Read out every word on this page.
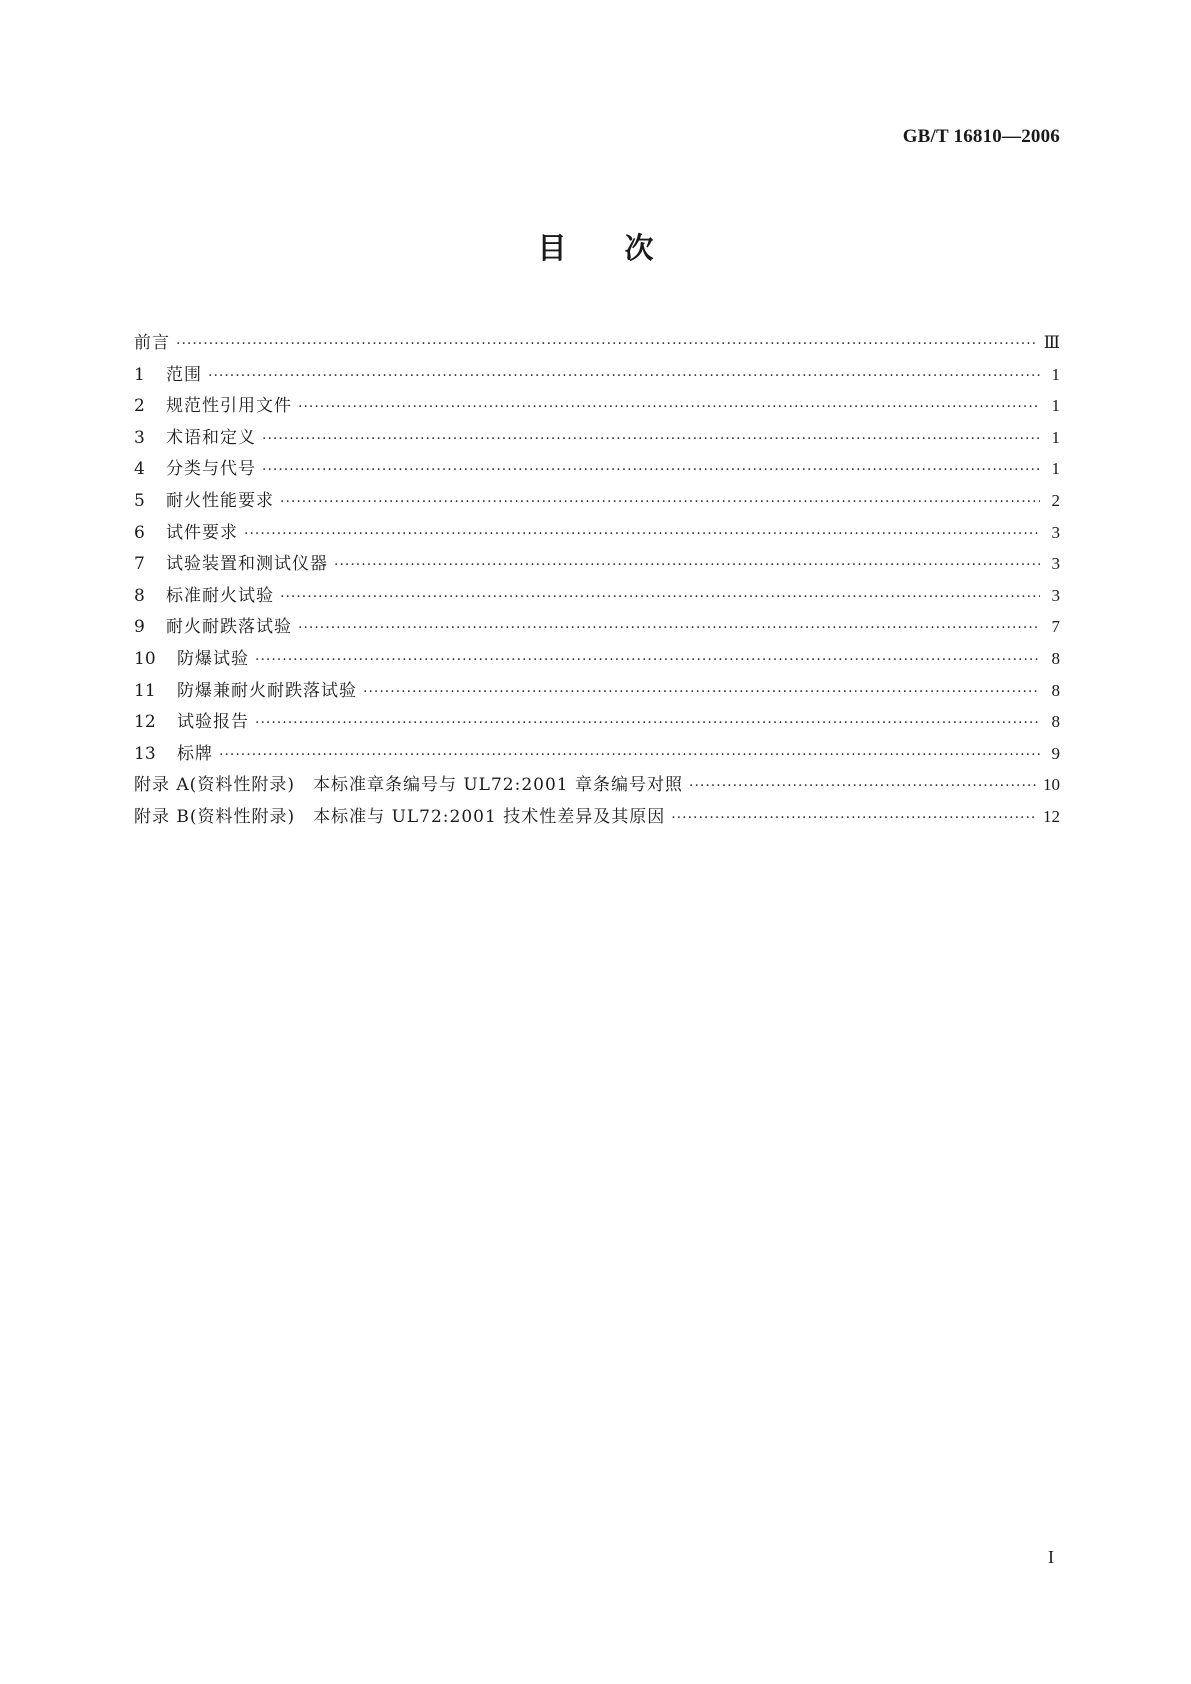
GB/T 16810—2006
目次
前言 ·····	Ⅲ
1	范围 ·····	1
2	规范性引用文件 ·····	1
3	术语和定义 ·····	1
4	分类与代号 ·····	1
5	耐火性能要求 ·····	2
6	试件要求 ·····	3
7	试验装置和测试仪器 ·····	3
8	标准耐火试验 ·····	3
9	耐火耐跌落试验 ·····	7
10	防爆试验 ·····	8
11	防爆兼耐火耐跌落试验 ·····	8
12	试验报告 ·····	8
13	标牌 ·····	9
附录 A(资料性附录)　本标准章条编号与 UL72:2001 章条编号对照 ·····	10
附录 B(资料性附录)　本标准与 UL72:2001 技术性差异及其原因 ·····	12
I
